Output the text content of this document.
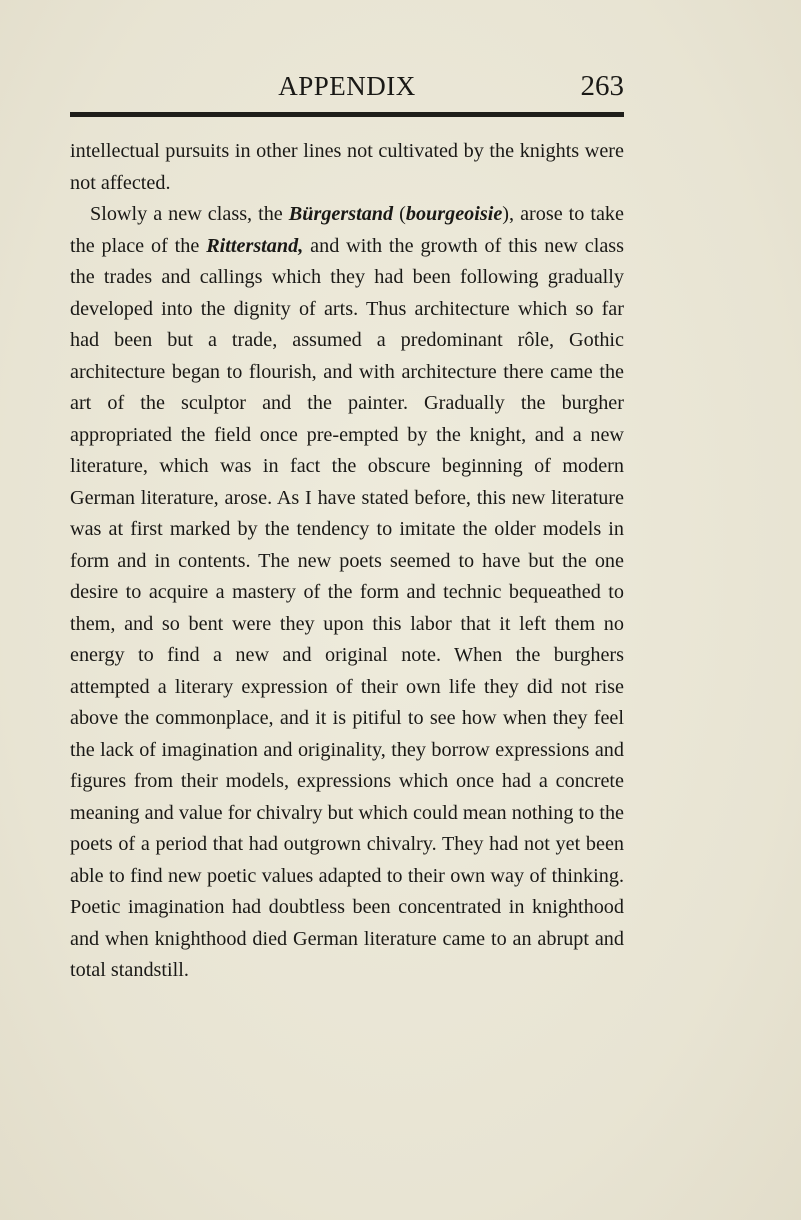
APPENDIX	263

intellectual pursuits in other lines not cultivated by the knights were not affected.

Slowly a new class, the Bürgerstand (bourgeoisie), arose to take the place of the Ritterstand, and with the growth of this new class the trades and callings which they had been following gradually developed into the dignity of arts. Thus architecture which so far had been but a trade, assumed a predominant rôle, Gothic architecture began to flourish, and with architecture there came the art of the sculptor and the painter. Gradually the burgher appropriated the field once pre-empted by the knight, and a new literature, which was in fact the obscure beginning of modern German literature, arose. As I have stated before, this new literature was at first marked by the tendency to imitate the older models in form and in contents. The new poets seemed to have but the one desire to acquire a mastery of the form and technic bequeathed to them, and so bent were they upon this labor that it left them no energy to find a new and original note. When the burghers attempted a literary expression of their own life they did not rise above the commonplace, and it is pitiful to see how when they feel the lack of imagination and originality, they borrow expressions and figures from their models, expressions which once had a concrete meaning and value for chivalry but which could mean nothing to the poets of a period that had outgrown chivalry. They had not yet been able to find new poetic values adapted to their own way of thinking. Poetic imagination had doubtless been concentrated in knighthood and when knighthood died German literature came to an abrupt and total standstill.
